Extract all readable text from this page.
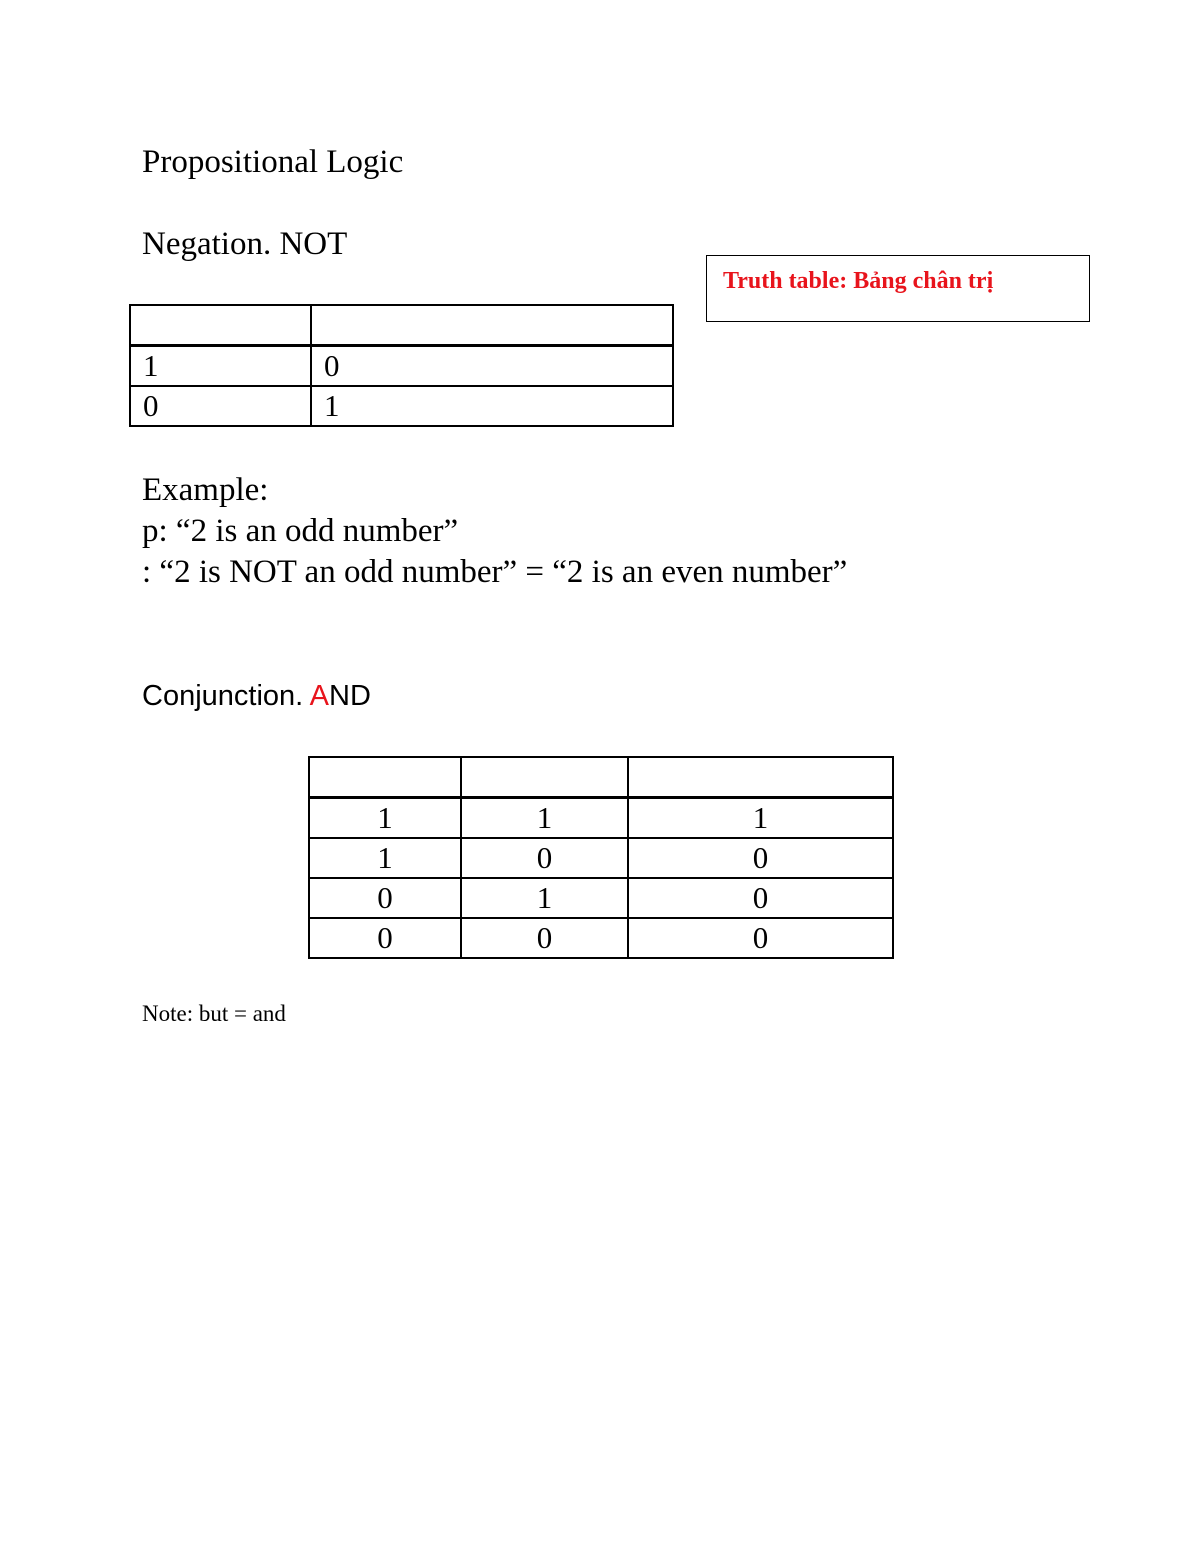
Propositional Logic
Negation. NOT
Truth table: Bảng chân trị

1	0
0	1
Example:
p: “2 is an odd number”
: “2 is NOT an odd number” = “2 is an even number”
Conjunction. AND

1	1	1
1	0	0
0	1	0
0	0	0
Note: but = and
